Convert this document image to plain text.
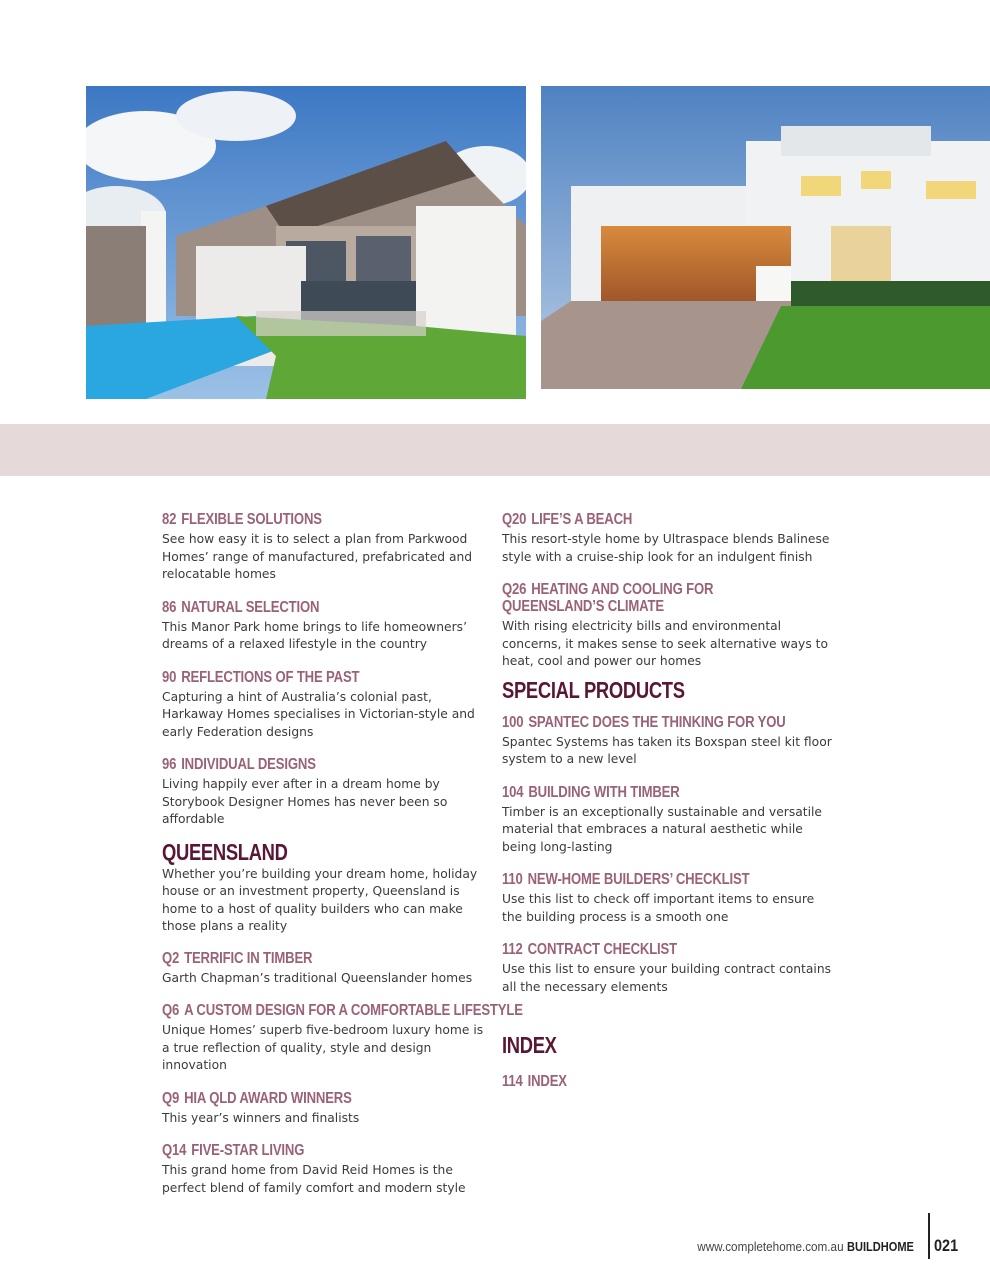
82 FLEXIBLE SOLUTIONS
See how easy it is to select a plan from Parkwood Homes’ range of manufactured, prefabricated and relocatable homes
86 NATURAL SELECTION
This Manor Park home brings to life homeowners’ dreams of a relaxed lifestyle in the country
90 REFLECTIONS OF THE PAST
Capturing a hint of Australia’s colonial past, Harkaway Homes specialises in Victorian-style and early Federation designs
96 INDIVIDUAL DESIGNS
Living happily ever after in a dream home by Storybook Designer Homes has never been so affordable
QUEENSLAND
Whether you’re building your dream home, holiday house or an investment property, Queensland is home to a host of quality builders who can make those plans a reality
Q2 TERRIFIC IN TIMBER
Garth Chapman’s traditional Queenslander homes
Q6 A CUSTOM DESIGN FOR A COMFORTABLE LIFESTYLE
Unique Homes’ superb five-bedroom luxury home is a true reflection of quality, style and design innovation
Q9 HIA QLD AWARD WINNERS
This year’s winners and finalists
Q14 FIVE-STAR LIVING
This grand home from David Reid Homes is the perfect blend of family comfort and modern style
Q20 LIFE’S A BEACH
This resort-style home by Ultraspace blends Balinese style with a cruise-ship look for an indulgent finish
Q26 HEATING AND COOLING FOR
QUEENSLAND’S CLIMATE
With rising electricity bills and environmental concerns, it makes sense to seek alternative ways to heat, cool and power our homes
SPECIAL PRODUCTS
100 SPANTEC DOES THE THINKING FOR YOU
Spantec Systems has taken its Boxspan steel kit floor system to a new level
104 BUILDING WITH TIMBER
Timber is an exceptionally sustainable and versatile material that embraces a natural aesthetic while being long-lasting
110 NEW-HOME BUILDERS’ CHECKLIST
Use this list to check off important items to ensure the building process is a smooth one
112 CONTRACT CHECKLIST
Use this list to ensure your building contract contains all the necessary elements
INDEX
114 INDEX
www.completehome.com.au BUILDHOME 021
